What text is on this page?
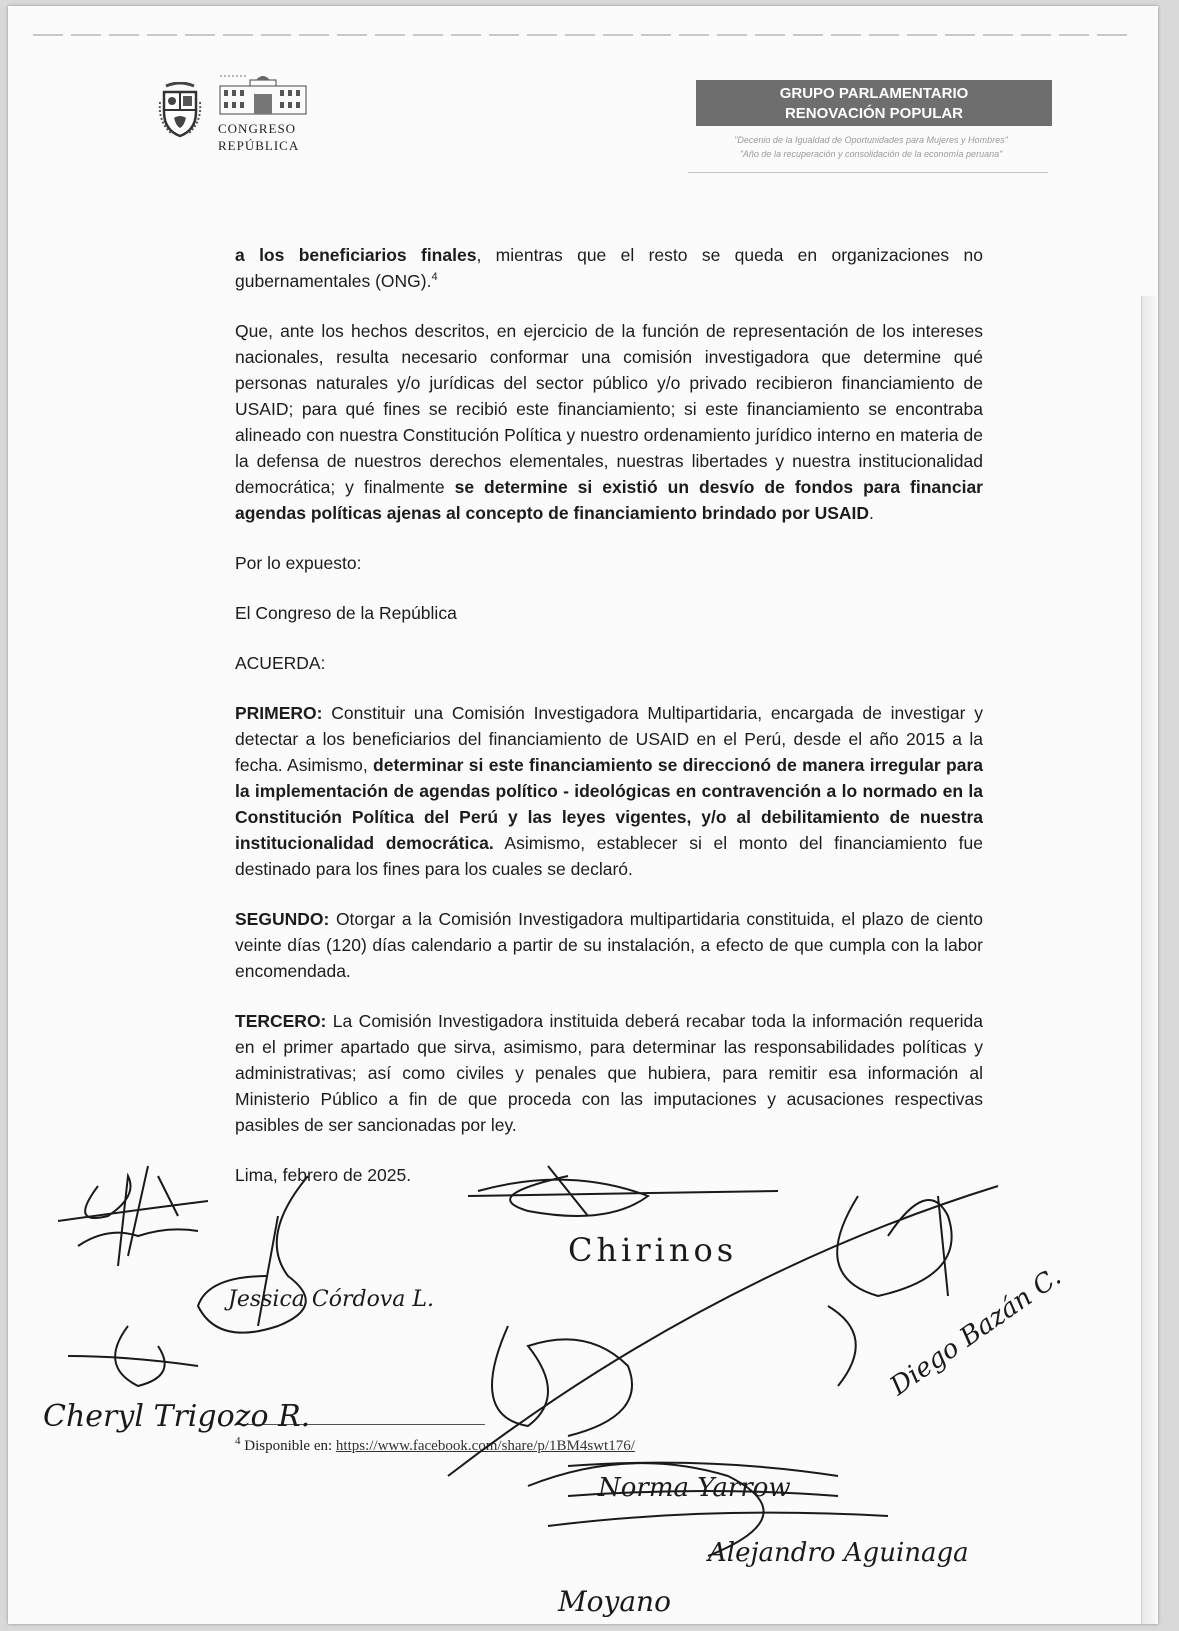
CONGRESO
REPÚBLICA
GRUPO PARLAMENTARIO
RENOVACIÓN POPULAR
"Decenio de la Igualdad de Oportunidades para Mujeres y Hombres"
"Año de la recuperación y consolidación de la economía peruana"

a los beneficiarios finales, mientras que el resto se queda en organizaciones no gubernamentales (ONG).$^4$

Que, ante los hechos descritos, en ejercicio de la función de representación de los intereses nacionales, resulta necesario conformar una comisión investigadora que determine qué personas naturales y/o jurídicas del sector público y/o privado recibieron financiamiento de USAID; para qué fines se recibió este financiamiento; si este financiamiento se encontraba alineado con nuestra Constitución Política y nuestro ordenamiento jurídico interno en materia de la defensa de nuestros derechos elementales, nuestras libertades y nuestra institucionalidad democrática; y finalmente se determine si existió un desvío de fondos para financiar agendas políticas ajenas al concepto de financiamiento brindado por USAID.

Por lo expuesto:

El Congreso de la República

ACUERDA:

PRIMERO: Constituir una Comisión Investigadora Multipartidaria, encargada de investigar y detectar a los beneficiarios del financiamiento de USAID en el Perú, desde el año 2015 a la fecha. Asimismo, determinar si este financiamiento se direccionó de manera irregular para la implementación de agendas político - ideológicas en contravención a lo normado en la Constitución Política del Perú y las leyes vigentes, y/o al debilitamiento de nuestra institucionalidad democrática. Asimismo, establecer si el monto del financiamiento fue destinado para los fines para los cuales se declaró.

SEGUNDO: Otorgar a la Comisión Investigadora multipartidaria constituida, el plazo de ciento veinte días (120) días calendario a partir de su instalación, a efecto de que cumpla con la labor encomendada.

TERCERO: La Comisión Investigadora instituida deberá recabar toda la información requerida en el primer apartado que sirva, asimismo, para determinar las responsabilidades políticas y administrativas; así como civiles y penales que hubiera, para remitir esa información al Ministerio Público a fin de que proceda con las imputaciones y acusaciones respectivas pasibles de ser sancionadas por ley.

Lima, febrero de 2025.

$^4$ Disponible en: https://www.facebook.com/share/p/1BM4swt176/
Jessica Córdova L.
Chirinos
Diego Bazán C.
Norma Yarrow
Alejandro Aguinaga
Moyano
Cheryl Trigozo R.
